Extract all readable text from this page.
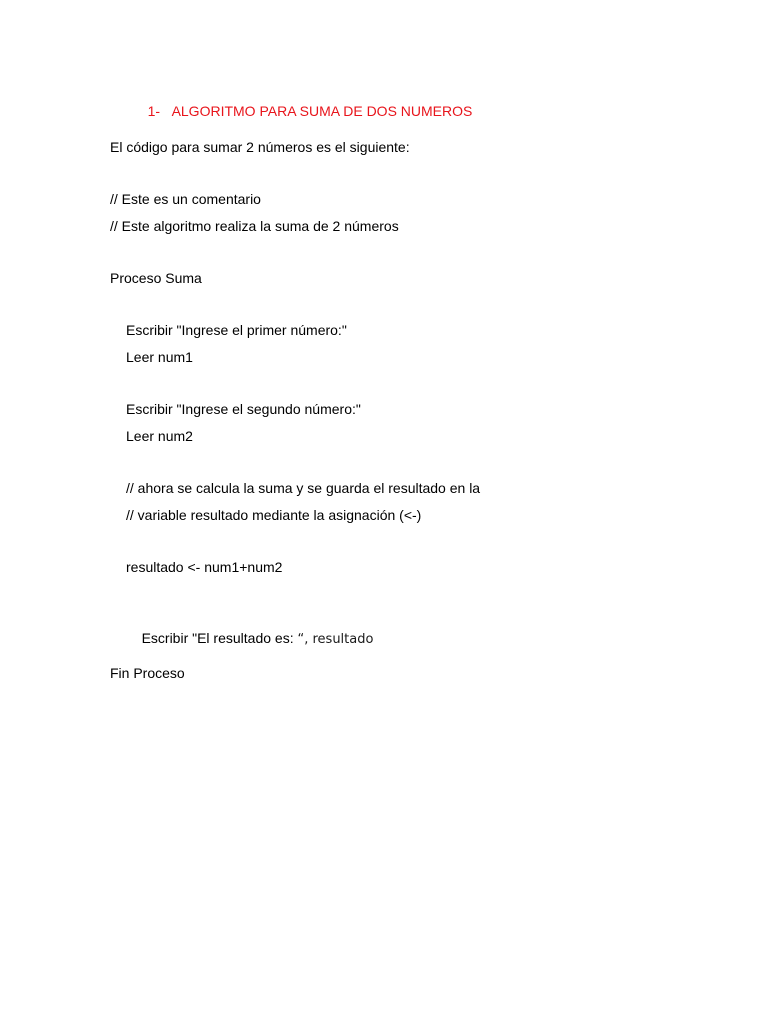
1- ALGORITMO PARA SUMA DE DOS NUMEROS

El código para sumar 2 números es el siguiente:
// Este es un comentario
// Este algoritmo realiza la suma de 2 números
Proceso Suma
Escribir "Ingrese el primer número:"
Leer num1
Escribir "Ingrese el segundo número:"
Leer num2
// ahora se calcula la suma y se guarda el resultado en la
// variable resultado mediante la asignación (<-)
resultado <- num1+num2

Escribir "El resultado es: “, resultado

Fin Proceso
